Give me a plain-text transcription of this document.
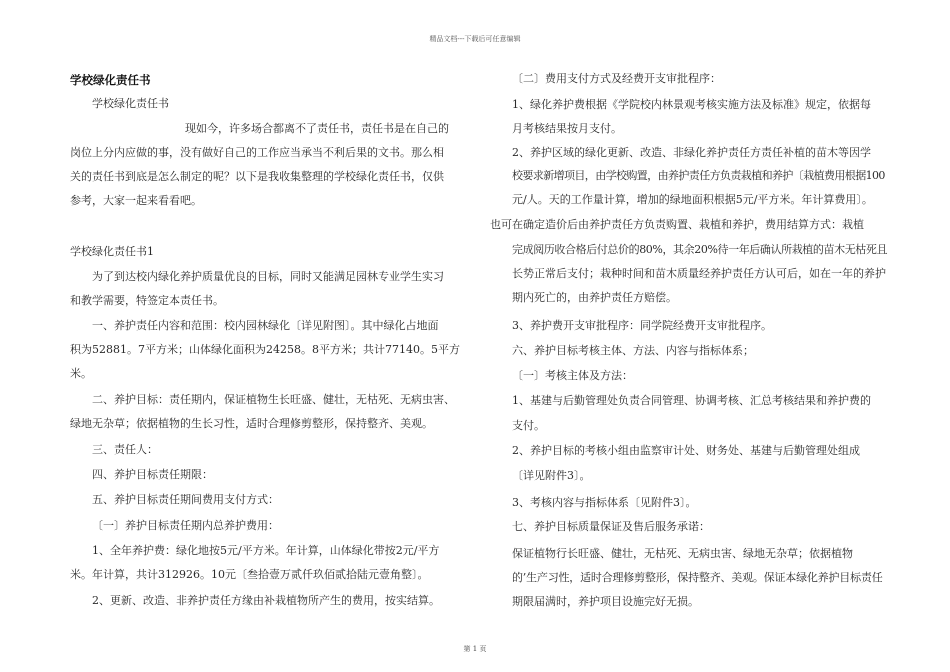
精品文档---下载后可任意编辑
学校绿化责任书
学校绿化责任书
现如今，许多场合都离不了责任书，责任书是在自己的
岗位上分内应做的事，没有做好自己的工作应当承当不利后果的文书。那么相
关的责任书到底是怎么制定的呢？以下是我收集整理的学校绿化责任书，仅供
参考，大家一起来看看吧。
学校绿化责任书1
为了到达校内绿化养护质量优良的目标，同时又能满足园林专业学生实习
和教学需要，特签定本责任书。
一、养护责任内容和范围：校内园林绿化〔详见附图〕。其中绿化占地面
积为52881。7平方米；山体绿化面积为24258。8平方米；共计77140。5平方
米。
二、养护目标：责任期内，保证植物生长旺盛、健壮，无枯死、无病虫害、
绿地无杂草；依据植物的生长习性，适时合理修剪整形，保持整齐、美观。
三、责任人：
四、养护目标责任期限：
五、养护目标责任期间费用支付方式：
〔一〕养护目标责任期内总养护费用：
1、全年养护费：绿化地按5元/平方米。年计算，山体绿化带按2元/平方
米。年计算，共计312926。10元〔叁拾壹万贰仟玖佰贰拾陆元壹角整〕。
2、更新、改造、非养护责任方缘由补栽植物所产生的费用，按实结算。
〔二〕费用支付方式及经费开支审批程序：
1、绿化养护费根据《学院校内林景观考核实施方法及标准》规定，依据每
月考核结果按月支付。
2、养护区域的绿化更新、改造、非绿化养护责任方责任补植的苗木等因学
校要求新增项目，由学校购置，由养护责任方负责栽植和养护〔栽植费用根据100
元/人。天的工作量计算，增加的绿地面积根据5元/平方米。年计算费用〕。
也可在确定造价后由养护责任方负责购置、栽植和养护，费用结算方式：栽植
完成阅历收合格后付总价的80%，其余20%待一年后确认所栽植的苗木无枯死且
长势正常后支付；栽种时间和苗木质量经养护责任方认可后，如在一年的养护
期内死亡的，由养护责任方赔偿。
3、养护费开支审批程序：同学院经费开支审批程序。
六、养护目标考核主体、方法、内容与指标体系；
〔一〕考核主体及方法：
1、基建与后勤管理处负责合同管理、协调考核、汇总考核结果和养护费的
支付。
2、养护目标的考核小组由监察审计处、财务处、基建与后勤管理处组成
〔详见附件3〕。
3、考核内容与指标体系〔见附件3〕。
七、养护目标质量保证及售后服务承诺：
保证植物行长旺盛、健壮，无枯死、无病虫害、绿地无杂草；依据植物
的’生产习性，适时合理修剪整形，保持整齐、美观。保证本绿化养护目标责任
期限届满时，养护项目设施完好无损。
第 1 页
